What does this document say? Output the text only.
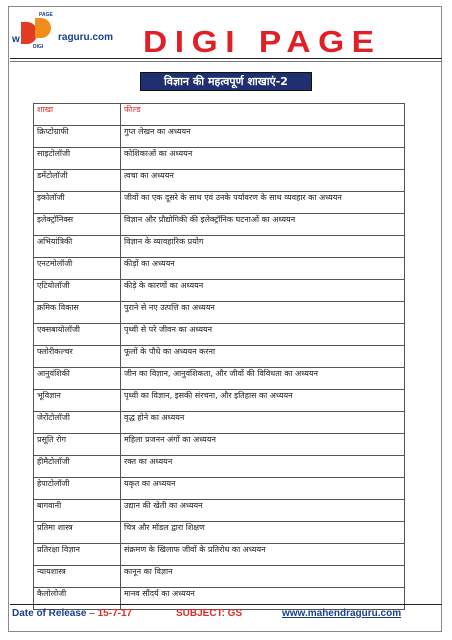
w
PAGE
DIGI
raguru.com DIGI PAGE
विज्ञान की महत्वपूर्ण शाखाएं-2
शाखा	फील्ड
क्रिप्टोग्राफी	गुप्त लेखन का अध्ययन
साइटोलॉजी	कोशिकाओं का अध्ययन
डर्मेटोलॉजी	त्वचा का अध्ययन
इकोलॉजी	जीवों का एक दूसरे के साथ एवं उनके पर्यावरण के साथ व्यवहार का अध्ययन
इलेक्ट्रॉनिक्स	विज्ञान और प्रौद्योगिकी की इलेक्ट्रॉनिक घटनाओं का अध्ययन
अभियांत्रिकी	विज्ञान के व्यावहारिक प्रयोग
एनटमोलॉजी	कीड़ों का अध्ययन
एटियोलॉजी	कीड़े के कारणों का अध्ययन
क्रमिक विकास	पुराने से नए उत्पत्ति का अध्ययन
एक्सबायोलॉजी	पृथ्वी से परे जीवन का अध्ययन
फ्लोरीकल्चर	फूलों के पौधे का अध्ययन करना
आनुवंशिकी	जीन का विज्ञान, आनुवंशिकता, और जीवों की विविधता का अध्ययन
भूविज्ञान	पृथ्वी का विज्ञान, इसकी संरचना, और इतिहास का अध्ययन
जेरोंटोलॉजी	वृद्ध होने का अध्ययन
प्रसूति रोग	महिला प्रजनन अंगों का अध्ययन
हीमैटोलॉजी	रक्त का अध्ययन
हेपाटोलॉजी	यकृत का अध्ययन
बागवानी	उद्यान की खेती का अध्ययन
प्रतिमा शास्त्र	चित्र और मॉडल द्वारा शिक्षण
प्रतिरक्षा विज्ञान	संक्रमण के खिलाफ जीवों के प्रतिरोध का अध्ययन
न्यायशास्त्र	कानून का विज्ञान
कैलोलोजी	मानव सौंदर्य का अध्ययन
Date of Release – 15-7-17	SUBJECT: GS	www.mahendraguru.com
